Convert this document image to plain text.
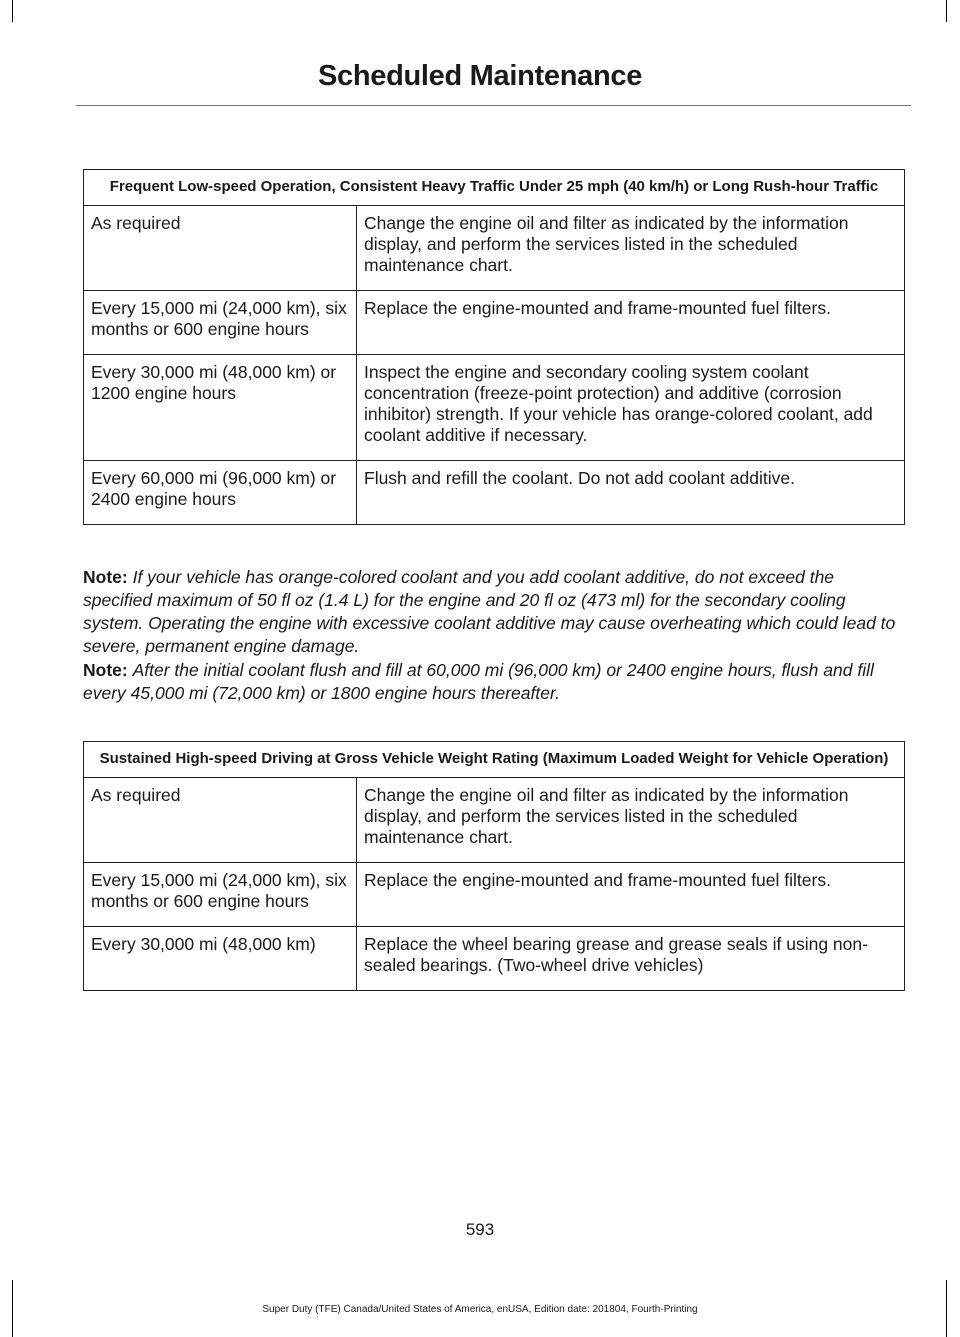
Scheduled Maintenance
Frequent Low-speed Operation, Consistent Heavy Traffic Under 25 mph (40 km/h) or Long Rush-hour Traffic	
As required	Change the engine oil and filter as indicated by the information display, and perform the services listed in the scheduled maintenance chart.
Every 15,000 mi (24,000 km), six months or 600 engine hours	Replace the engine-mounted and frame-mounted fuel filters.
Every 30,000 mi (48,000 km) or 1200 engine hours	Inspect the engine and secondary cooling system coolant concentration (freeze-point protection) and additive (corrosion inhibitor) strength. If your vehicle has orange-colored coolant, add coolant additive if necessary.
Every 60,000 mi (96,000 km) or 2400 engine hours	Flush and refill the coolant. Do not add coolant additive.
Note: If your vehicle has orange-colored coolant and you add coolant additive, do not exceed the specified maximum of 50 fl oz (1.4 L) for the engine and 20 fl oz (473 ml) for the secondary cooling system. Operating the engine with excessive coolant additive may cause overheating which could lead to severe, permanent engine damage.
Note: After the initial coolant flush and fill at 60,000 mi (96,000 km) or 2400 engine hours, flush and fill every 45,000 mi (72,000 km) or 1800 engine hours thereafter.
Sustained High-speed Driving at Gross Vehicle Weight Rating (Maximum Loaded Weight for Vehicle Operation)	
As required	Change the engine oil and filter as indicated by the information display, and perform the services listed in the scheduled maintenance chart.
Every 15,000 mi (24,000 km), six months or 600 engine hours	Replace the engine-mounted and frame-mounted fuel filters.
Every 30,000 mi (48,000 km)	Replace the wheel bearing grease and grease seals if using non-sealed bearings. (Two-wheel drive vehicles)
593
Super Duty (TFE) Canada/United States of America, enUSA, Edition date: 201804, Fourth-Printing
